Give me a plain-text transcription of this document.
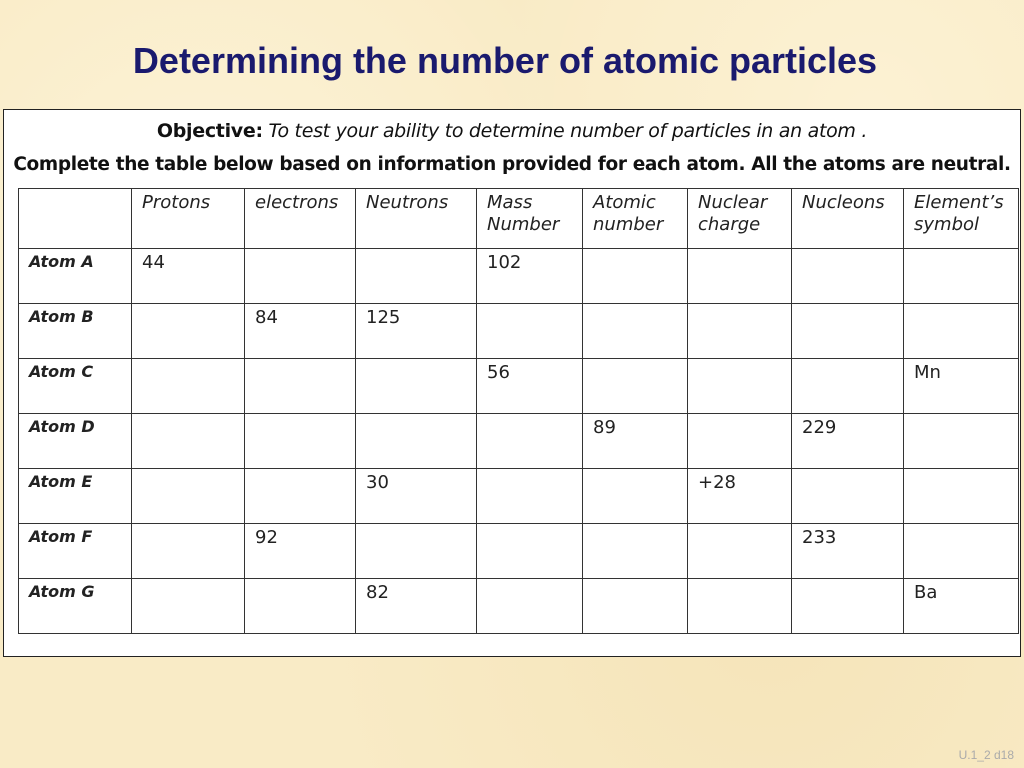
Determining the number of atomic particles
Objective: To test your ability to determine number of particles in an atom .
Complete the table below based on information provided for each atom. All the atoms are neutral.
	Protons	electrons	Neutrons	Mass Number	Atomic number	Nuclear charge	Nucleons	Element’s symbol
Atom A	44			102				
Atom B		84	125					
Atom C				56				Mn
Atom D					89		229	
Atom E			30			+28		
Atom F		92					233	
Atom G			82					Ba
U.1_2 d18
